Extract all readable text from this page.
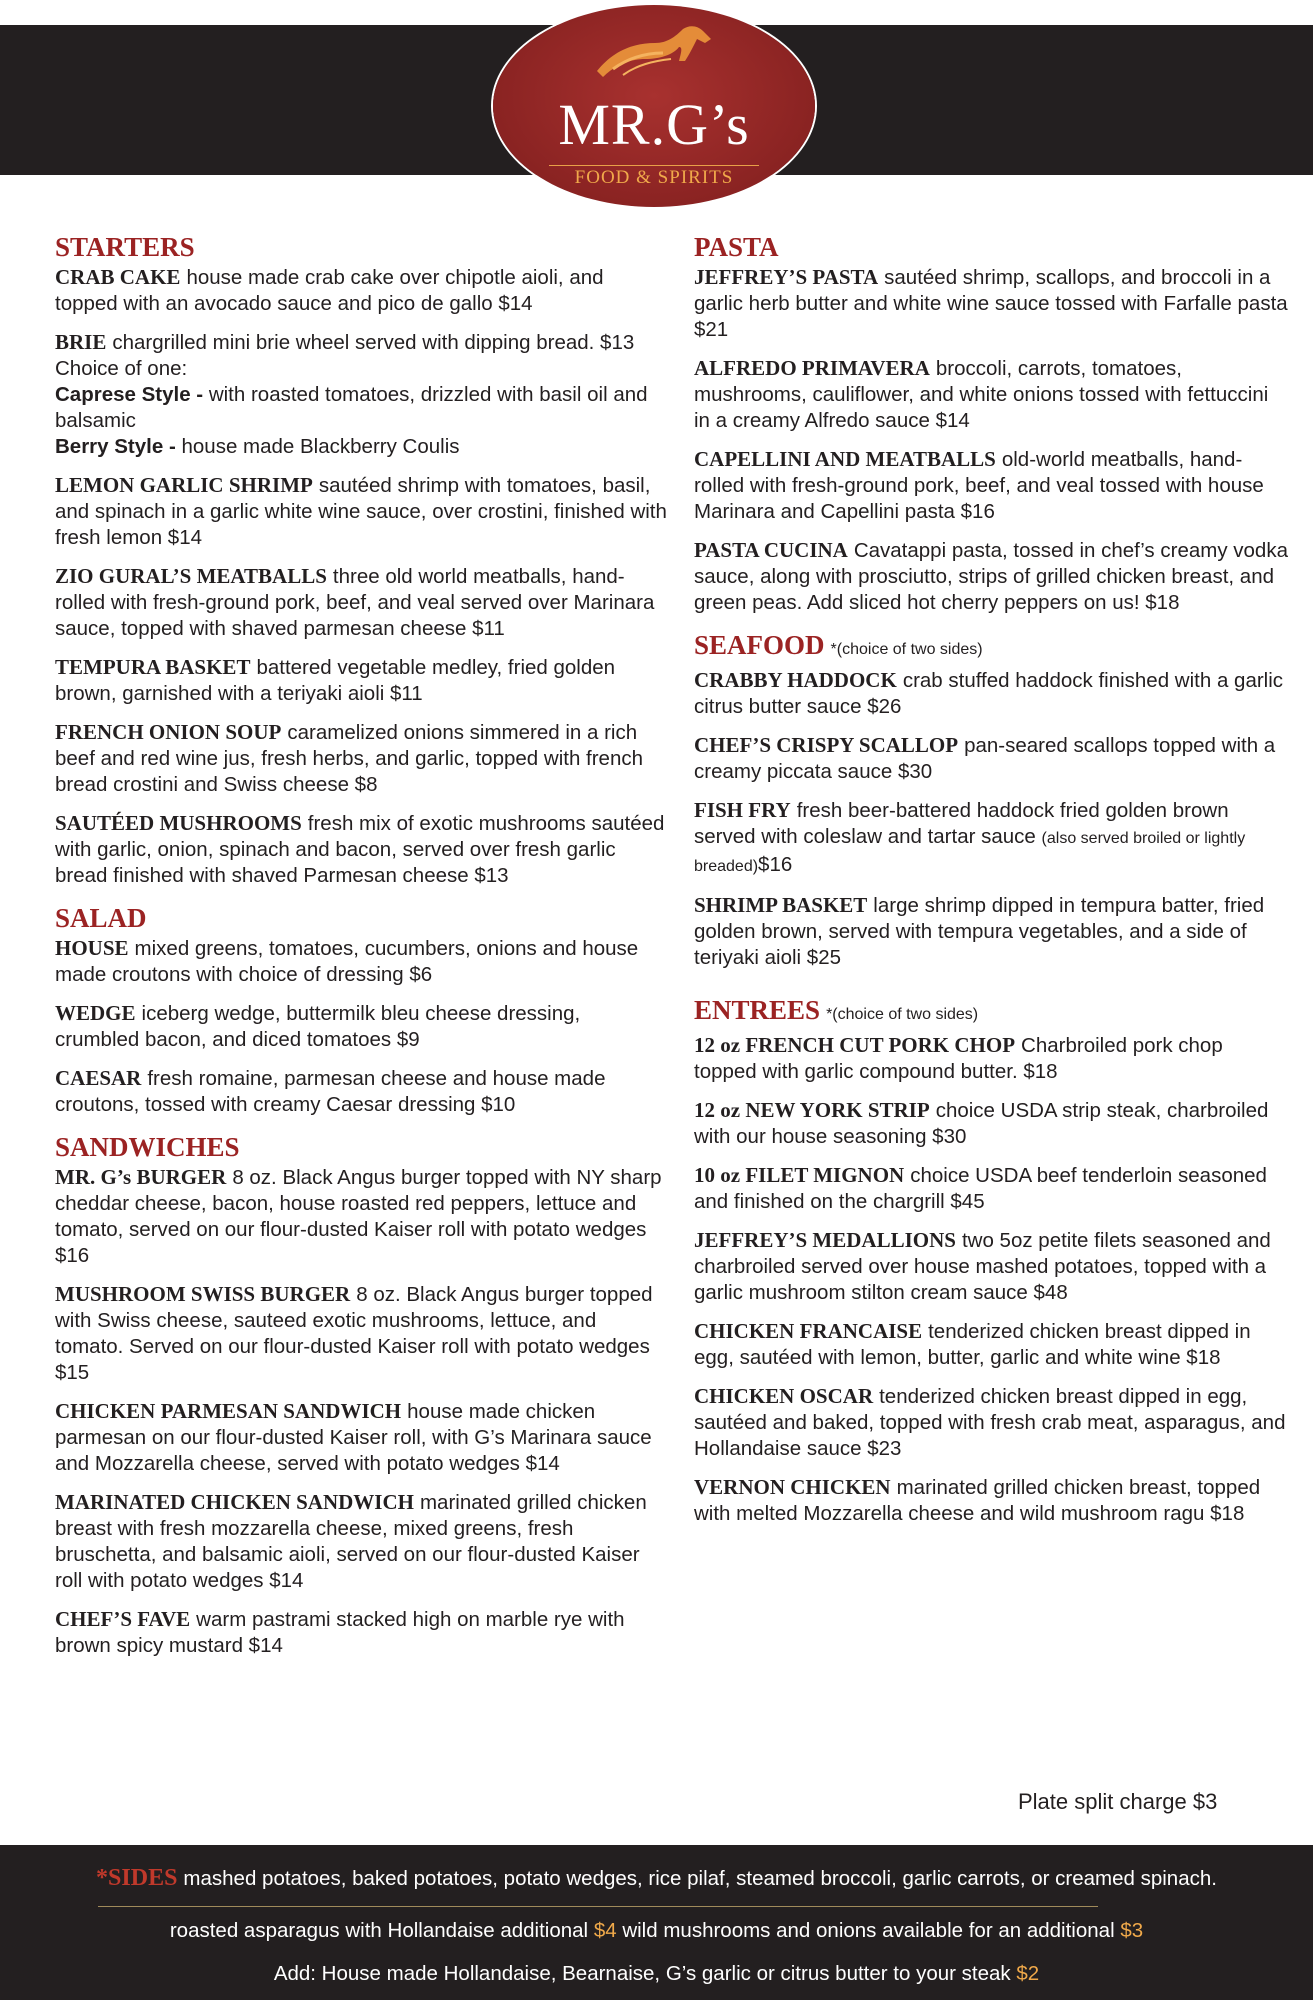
MR.G’s
FOOD & SPIRITS
STARTERS
CRAB CAKE house made crab cake over chipotle aioli, and topped with an avocado sauce and pico de gallo $14
BRIE chargrilled mini brie wheel served with dipping bread. $13 Choice of one:
Caprese Style - with roasted tomatoes, drizzled with basil oil and balsamic
Berry Style - house made Blackberry Coulis
LEMON GARLIC SHRIMP sautéed shrimp with tomatoes, basil, and spinach in a garlic white wine sauce, over crostini, finished with fresh lemon $14
ZIO GURAL’S MEATBALLS three old world meatballs, hand-rolled with fresh-ground pork, beef, and veal served over Marinara sauce, topped with shaved parmesan cheese $11
TEMPURA BASKET battered vegetable medley, fried golden brown, garnished with a teriyaki aioli $11
FRENCH ONION SOUP caramelized onions simmered in a rich beef and red wine jus, fresh herbs, and garlic, topped with french bread crostini and Swiss cheese $8
SAUTÉED MUSHROOMS fresh mix of exotic mushrooms sautéed with garlic, onion, spinach and bacon, served over fresh garlic bread finished with shaved Parmesan cheese $13
SALAD
HOUSE mixed greens, tomatoes, cucumbers, onions and house made croutons with choice of dressing $6
WEDGE iceberg wedge, buttermilk bleu cheese dressing, crumbled bacon, and diced tomatoes $9
CAESAR fresh romaine, parmesan cheese and house made croutons, tossed with creamy Caesar dressing $10
SANDWICHES
MR. G’s BURGER 8 oz. Black Angus burger topped with NY sharp cheddar cheese, bacon, house roasted red peppers, lettuce and tomato, served on our flour-dusted Kaiser roll with potato wedges $16
MUSHROOM SWISS BURGER 8 oz. Black Angus burger topped with Swiss cheese, sauteed exotic mushrooms, lettuce, and tomato. Served on our flour-dusted Kaiser roll with potato wedges $15
CHICKEN PARMESAN SANDWICH house made chicken parmesan on our flour-dusted Kaiser roll, with G’s Marinara sauce and Mozzarella cheese, served with potato wedges $14
MARINATED CHICKEN SANDWICH marinated grilled chicken breast with fresh mozzarella cheese, mixed greens, fresh bruschetta, and balsamic aioli, served on our flour-dusted Kaiser roll with potato wedges $14
CHEF’S FAVE warm pastrami stacked high on marble rye with brown spicy mustard $14
PASTA
JEFFREY’S PASTA sautéed shrimp, scallops, and broccoli in a garlic herb butter and white wine sauce tossed with Farfalle pasta $21
ALFREDO PRIMAVERA broccoli, carrots, tomatoes, mushrooms, cauliflower, and white onions tossed with fettuccini in a creamy Alfredo sauce $14
CAPELLINI AND MEATBALLS old-world meatballs, hand-rolled with fresh-ground pork, beef, and veal tossed with house Marinara and Capellini pasta $16
PASTA CUCINA Cavatappi pasta, tossed in chef’s creamy vodka sauce, along with prosciutto, strips of grilled chicken breast, and green peas. Add sliced hot cherry peppers on us! $18
SEAFOOD *(choice of two sides)
CRABBY HADDOCK crab stuffed haddock finished with a garlic citrus butter sauce $26
CHEF’S CRISPY SCALLOP pan-seared scallops topped with a creamy piccata sauce $30
FISH FRY fresh beer-battered haddock fried golden brown served with coleslaw and tartar sauce (also served broiled or lightly breaded)$16
SHRIMP BASKET large shrimp dipped in tempura batter, fried golden brown, served with tempura vegetables, and a side of teriyaki aioli $25
ENTREES *(choice of two sides)
12 oz FRENCH CUT PORK CHOP Charbroiled pork chop topped with garlic compound butter. $18
12 oz NEW YORK STRIP choice USDA strip steak, charbroiled with our house seasoning $30
10 oz FILET MIGNON choice USDA beef tenderloin seasoned and finished on the chargrill $45
JEFFREY’S MEDALLIONS two 5oz petite filets seasoned and charbroiled served over house mashed potatoes, topped with a garlic mushroom stilton cream sauce $48
CHICKEN FRANCAISE tenderized chicken breast dipped in egg, sautéed with lemon, butter, garlic and white wine $18
CHICKEN OSCAR tenderized chicken breast dipped in egg, sautéed and baked, topped with fresh crab meat, asparagus, and Hollandaise sauce $23
VERNON CHICKEN marinated grilled chicken breast, topped with melted Mozzarella cheese and wild mushroom ragu $18
Plate split charge $3
*SIDES mashed potatoes, baked potatoes, potato wedges, rice pilaf, steamed broccoli, garlic carrots, or creamed spinach.
roasted asparagus with Hollandaise additional $4 wild mushrooms and onions available for an additional $3
Add: House made Hollandaise, Bearnaise, G’s garlic or citrus butter to your steak $2
